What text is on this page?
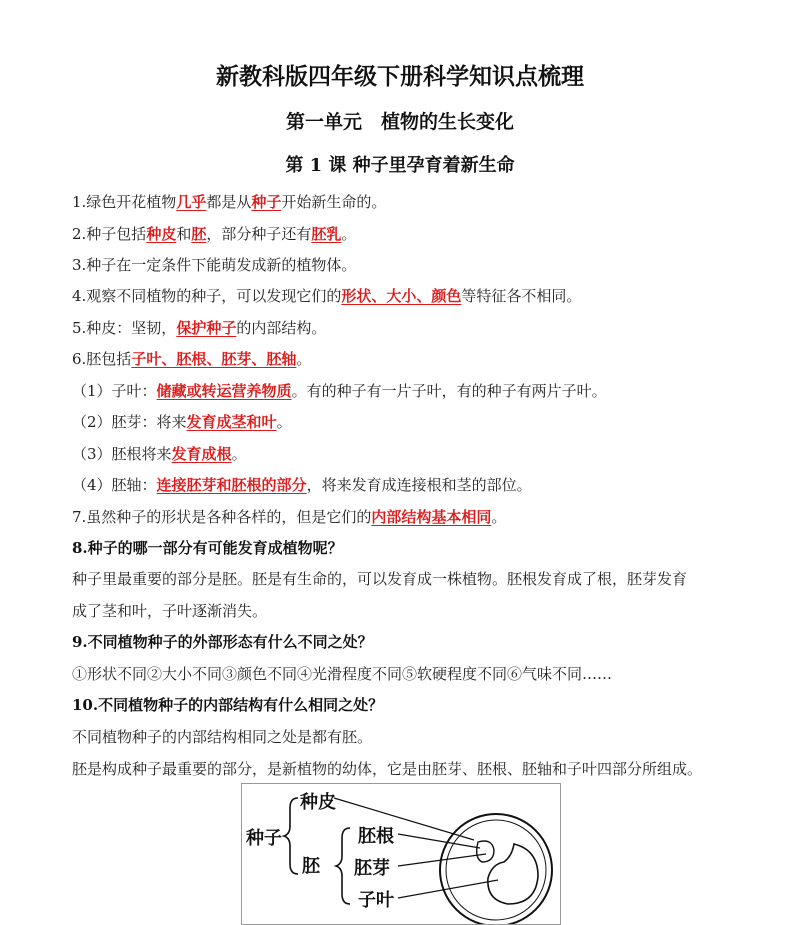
新教科版四年级下册科学知识点梳理
第一单元　植物的生长变化
第 1 课 种子里孕育着新生命
1.绿色开花植物几乎都是从种子开始新生命的。
2.种子包括种皮和胚，部分种子还有胚乳。
3.种子在一定条件下能萌发成新的植物体。
4.观察不同植物的种子，可以发现它们的形状、大小、颜色等特征各不相同。
5.种皮：坚韧，保护种子的内部结构。
6.胚包括子叶、胚根、胚芽、胚轴。
（1）子叶：储藏或转运营养物质。有的种子有一片子叶，有的种子有两片子叶。
（2）胚芽：将来发育成茎和叶。
（3）胚根将来发育成根。
（4）胚轴：连接胚芽和胚根的部分，将来发育成连接根和茎的部位。
7.虽然种子的形状是各种各样的，但是它们的内部结构基本相同。
8.种子的哪一部分有可能发育成植物呢？
种子里最重要的部分是胚。胚是有生命的，可以发育成一株植物。胚根发育成了根，胚芽发育
成了茎和叶，子叶逐渐消失。
9.不同植物种子的外部形态有什么不同之处？
①形状不同②大小不同③颜色不同④光滑程度不同⑤软硬程度不同⑥气味不同……
10.不同植物种子的内部结构有什么相同之处？
不同植物种子的内部结构相同之处是都有胚。
胚是构成种子最重要的部分，是新植物的幼体，它是由胚芽、胚根、胚轴和子叶四部分所组成。
种子
种皮
胚
胚根
胚芽
子叶
